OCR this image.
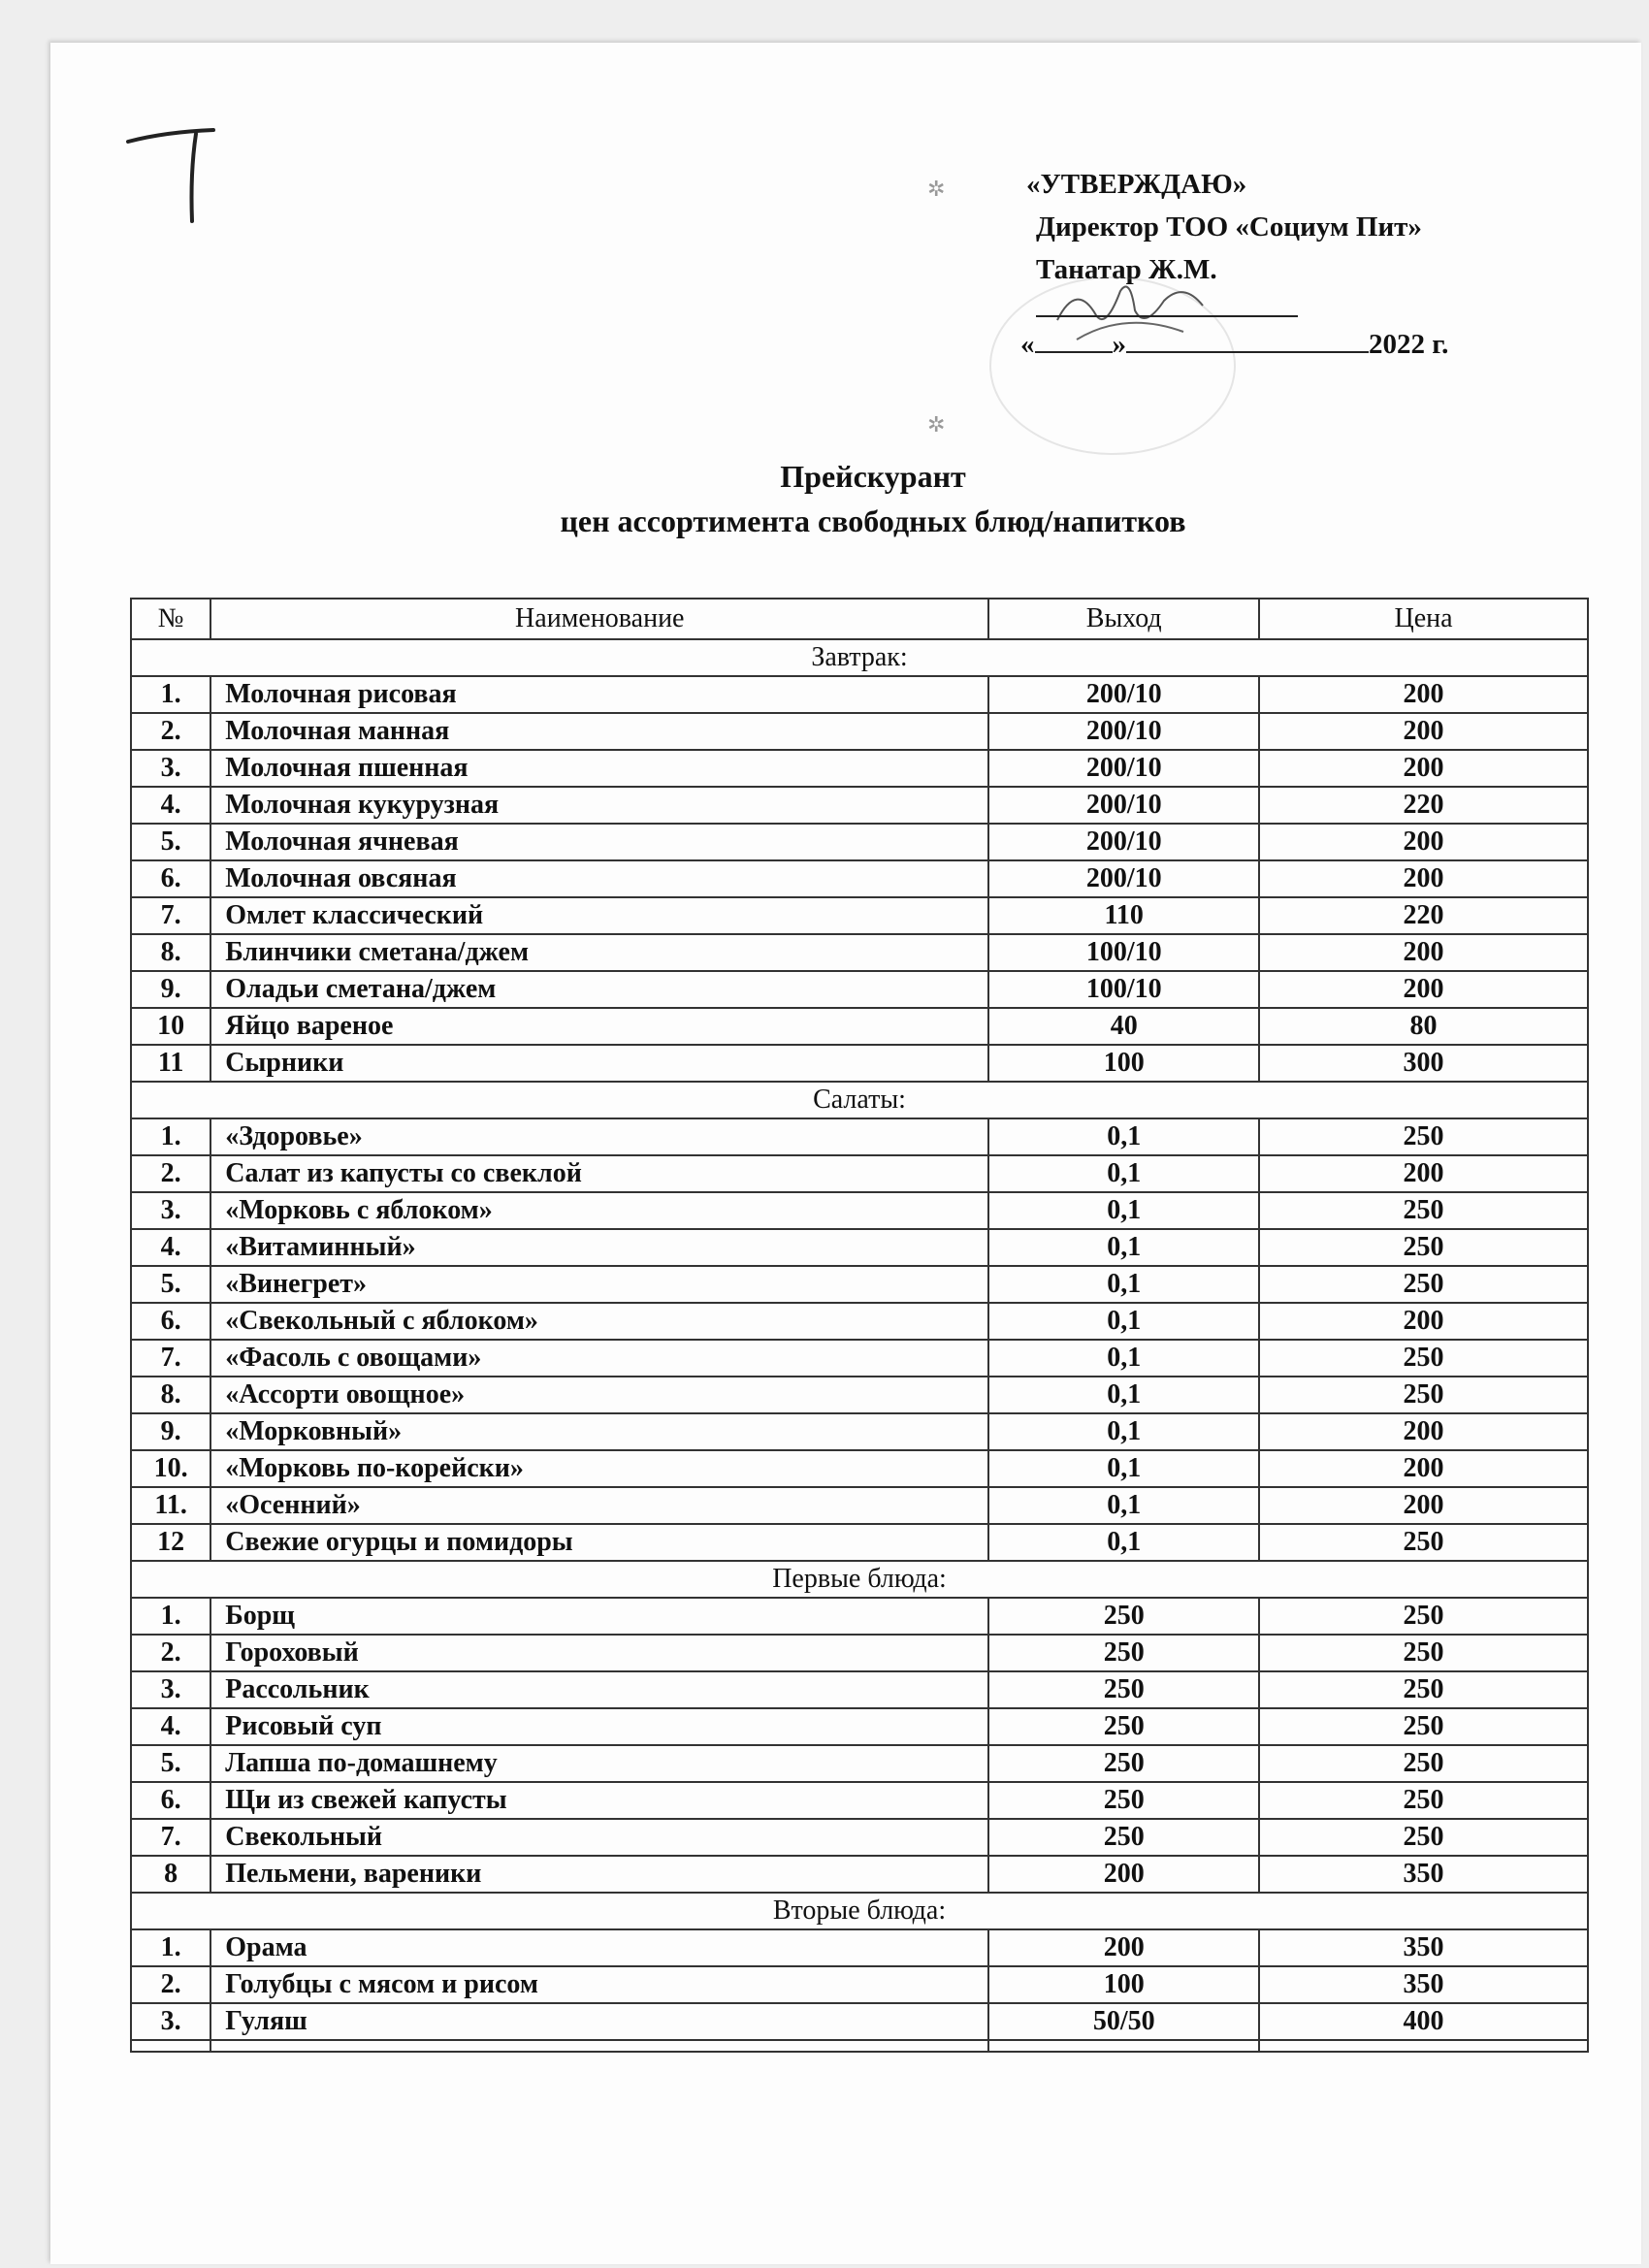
«УТВЕРЖДАЮ»
Директор ТОО «Социум Пит»
Танатар Ж.М.
«	»	2022 г.
✲
✲
Прейскурант
цен ассортимента свободных блюд/напитков
№	Наименование	Выход	Цена
Завтрак:			
1.	Молочная рисовая	200/10	200
2.	Молочная манная	200/10	200
3.	Молочная пшенная	200/10	200
4.	Молочная кукурузная	200/10	220
5.	Молочная ячневая	200/10	200
6.	Молочная овсяная	200/10	200
7.	Омлет классический	110	220
8.	Блинчики сметана/джем	100/10	200
9.	Оладьи сметана/джем	100/10	200
10	Яйцо вареное	40	80
11	Сырники	100	300
Салаты:			
1.	«Здоровье»	0,1	250
2.	Салат из капусты со свеклой	0,1	200
3.	«Морковь с яблоком»	0,1	250
4.	«Витаминный»	0,1	250
5.	«Винегрет»	0,1	250
6.	«Свекольный с яблоком»	0,1	200
7.	«Фасоль с овощами»	0,1	250
8.	«Ассорти овощное»	0,1	250
9.	«Морковный»	0,1	200
10.	«Морковь по-корейски»	0,1	200
11.	«Осенний»	0,1	200
12	Свежие огурцы и помидоры	0,1	250
Первые блюда:			
1.	Борщ	250	250
2.	Гороховый	250	250
3.	Рассольник	250	250
4.	Рисовый суп	250	250
5.	Лапша по-домашнему	250	250
6.	Щи из свежей капусты	250	250
7.	Свекольный	250	250
8	Пельмени, вареники	200	350
Вторые блюда:			
1.	Орама	200	350
2.	Голубцы с мясом и рисом	100	350
3.	Гуляш	50/50	400
